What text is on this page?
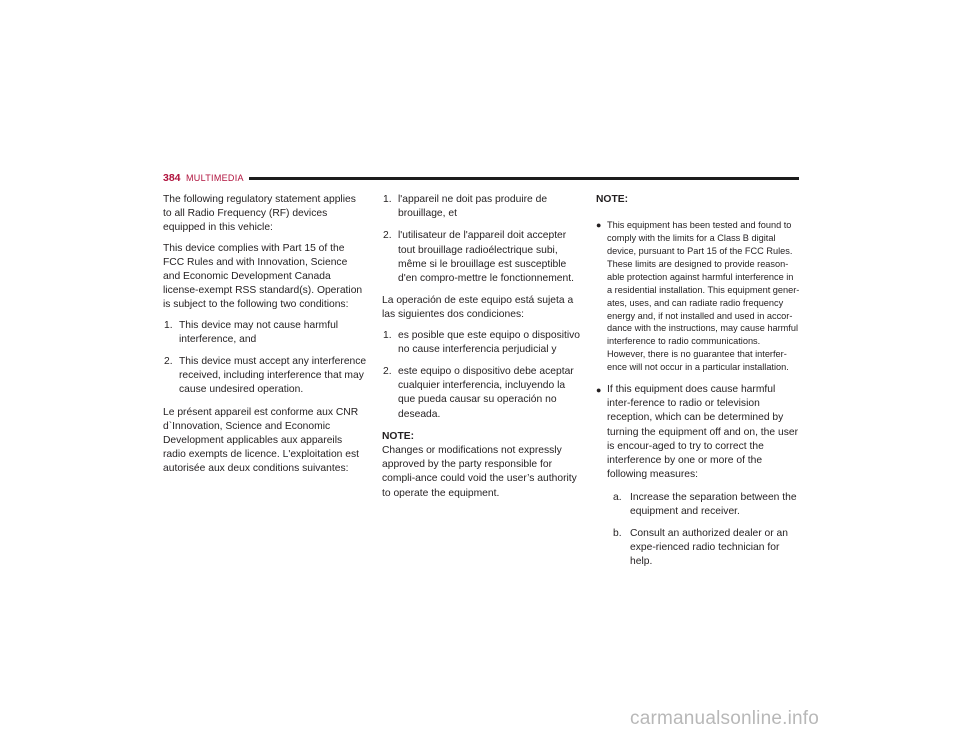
384 MULTIMEDIA

The following regulatory statement applies to all Radio Frequency (RF) devices equipped in this vehicle:

This device complies with Part 15 of the FCC Rules and with Innovation, Science and Economic Development Canada license-exempt RSS standard(s). Operation is subject to the following two conditions:

1. This device may not cause harmful interference, and
2. This device must accept any interference received, including interference that may cause undesired operation.

Le présent appareil est conforme aux CNR d`Innovation, Science and Economic Development applicables aux appareils radio exempts de licence. L'exploitation est autorisée aux deux conditions suivantes:

1. l'appareil ne doit pas produire de brouillage, et
2. l'utilisateur de l'appareil doit accepter tout brouillage radioélectrique subi, même si le brouillage est susceptible d'en compro-mettre le fonctionnement.

La operación de este equipo está sujeta a las siguientes dos condiciones:

1. es posible que este equipo o dispositivo no cause interferencia perjudicial y
2. este equipo o dispositivo debe aceptar cualquier interferencia, incluyendo la que pueda causar su operación no deseada.

NOTE:

Changes or modifications not expressly approved by the party responsible for compli-ance could void the user’s authority to operate the equipment.

NOTE:

● This equipment has been tested and found to comply with the limits for a Class B digital device, pursuant to Part 15 of the FCC Rules. These limits are designed to provide reason-able protection against harmful interference in a residential installation. This equipment gener-ates, uses, and can radiate radio frequency energy and, if not installed and used in accor-dance with the instructions, may cause harmful interference to radio communications. However, there is no guarantee that interfer-ence will not occur in a particular installation.
● If this equipment does cause harmful inter-ference to radio or television reception, which can be determined by turning the equipment off and on, the user is encour-aged to try to correct the interference by one or more of the following measures:
a. Increase the separation between the equipment and receiver.
b. Consult an authorized dealer or an expe-rienced radio technician for help.
carmanualsonline.info
